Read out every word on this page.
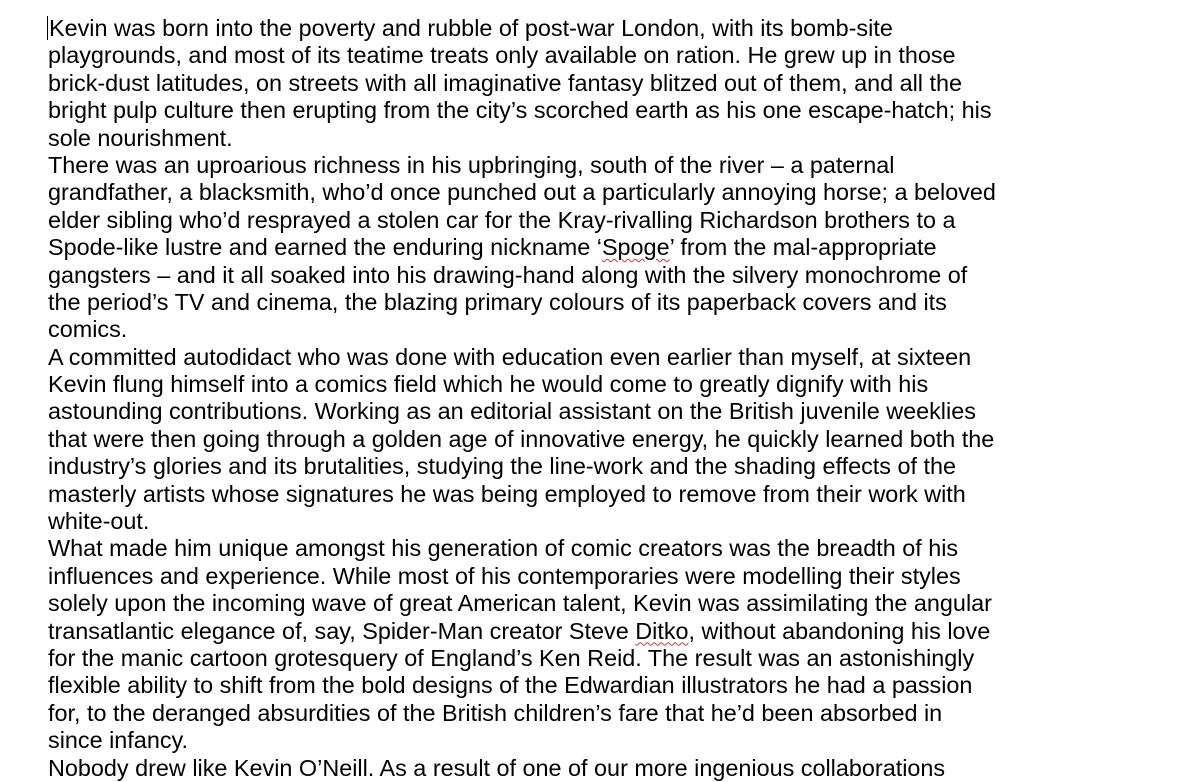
Kevin was born into the poverty and rubble of post-war London, with its bomb-site
playgrounds, and most of its teatime treats only available on ration. He grew up in those
brick-dust latitudes, on streets with all imaginative fantasy blitzed out of them, and all the
bright pulp culture then erupting from the city’s scorched earth as his one escape-hatch; his
sole nourishment.
There was an uproarious richness in his upbringing, south of the river – a paternal
grandfather, a blacksmith, who’d once punched out a particularly annoying horse; a beloved
elder sibling who’d resprayed a stolen car for the Kray-rivalling Richardson brothers to a
Spode-like lustre and earned the enduring nickname ‘Spoge’ from the mal-appropriate
gangsters – and it all soaked into his drawing-hand along with the silvery monochrome of
the period’s TV and cinema, the blazing primary colours of its paperback covers and its
comics.
A committed autodidact who was done with education even earlier than myself, at sixteen
Kevin flung himself into a comics field which he would come to greatly dignify with his
astounding contributions. Working as an editorial assistant on the British juvenile weeklies
that were then going through a golden age of innovative energy, he quickly learned both the
industry’s glories and its brutalities, studying the line-work and the shading effects of the
masterly artists whose signatures he was being employed to remove from their work with
white-out.
What made him unique amongst his generation of comic creators was the breadth of his
influences and experience. While most of his contemporaries were modelling their styles
solely upon the incoming wave of great American talent, Kevin was assimilating the angular
transatlantic elegance of, say, Spider-Man creator Steve Ditko, without abandoning his love
for the manic cartoon grotesquery of England’s Ken Reid. The result was an astonishingly
flexible ability to shift from the bold designs of the Edwardian illustrators he had a passion
for, to the deranged absurdities of the British children’s fare that he’d been absorbed in
since infancy.
Nobody drew like Kevin O’Neill. As a result of one of our more ingenious collaborations
